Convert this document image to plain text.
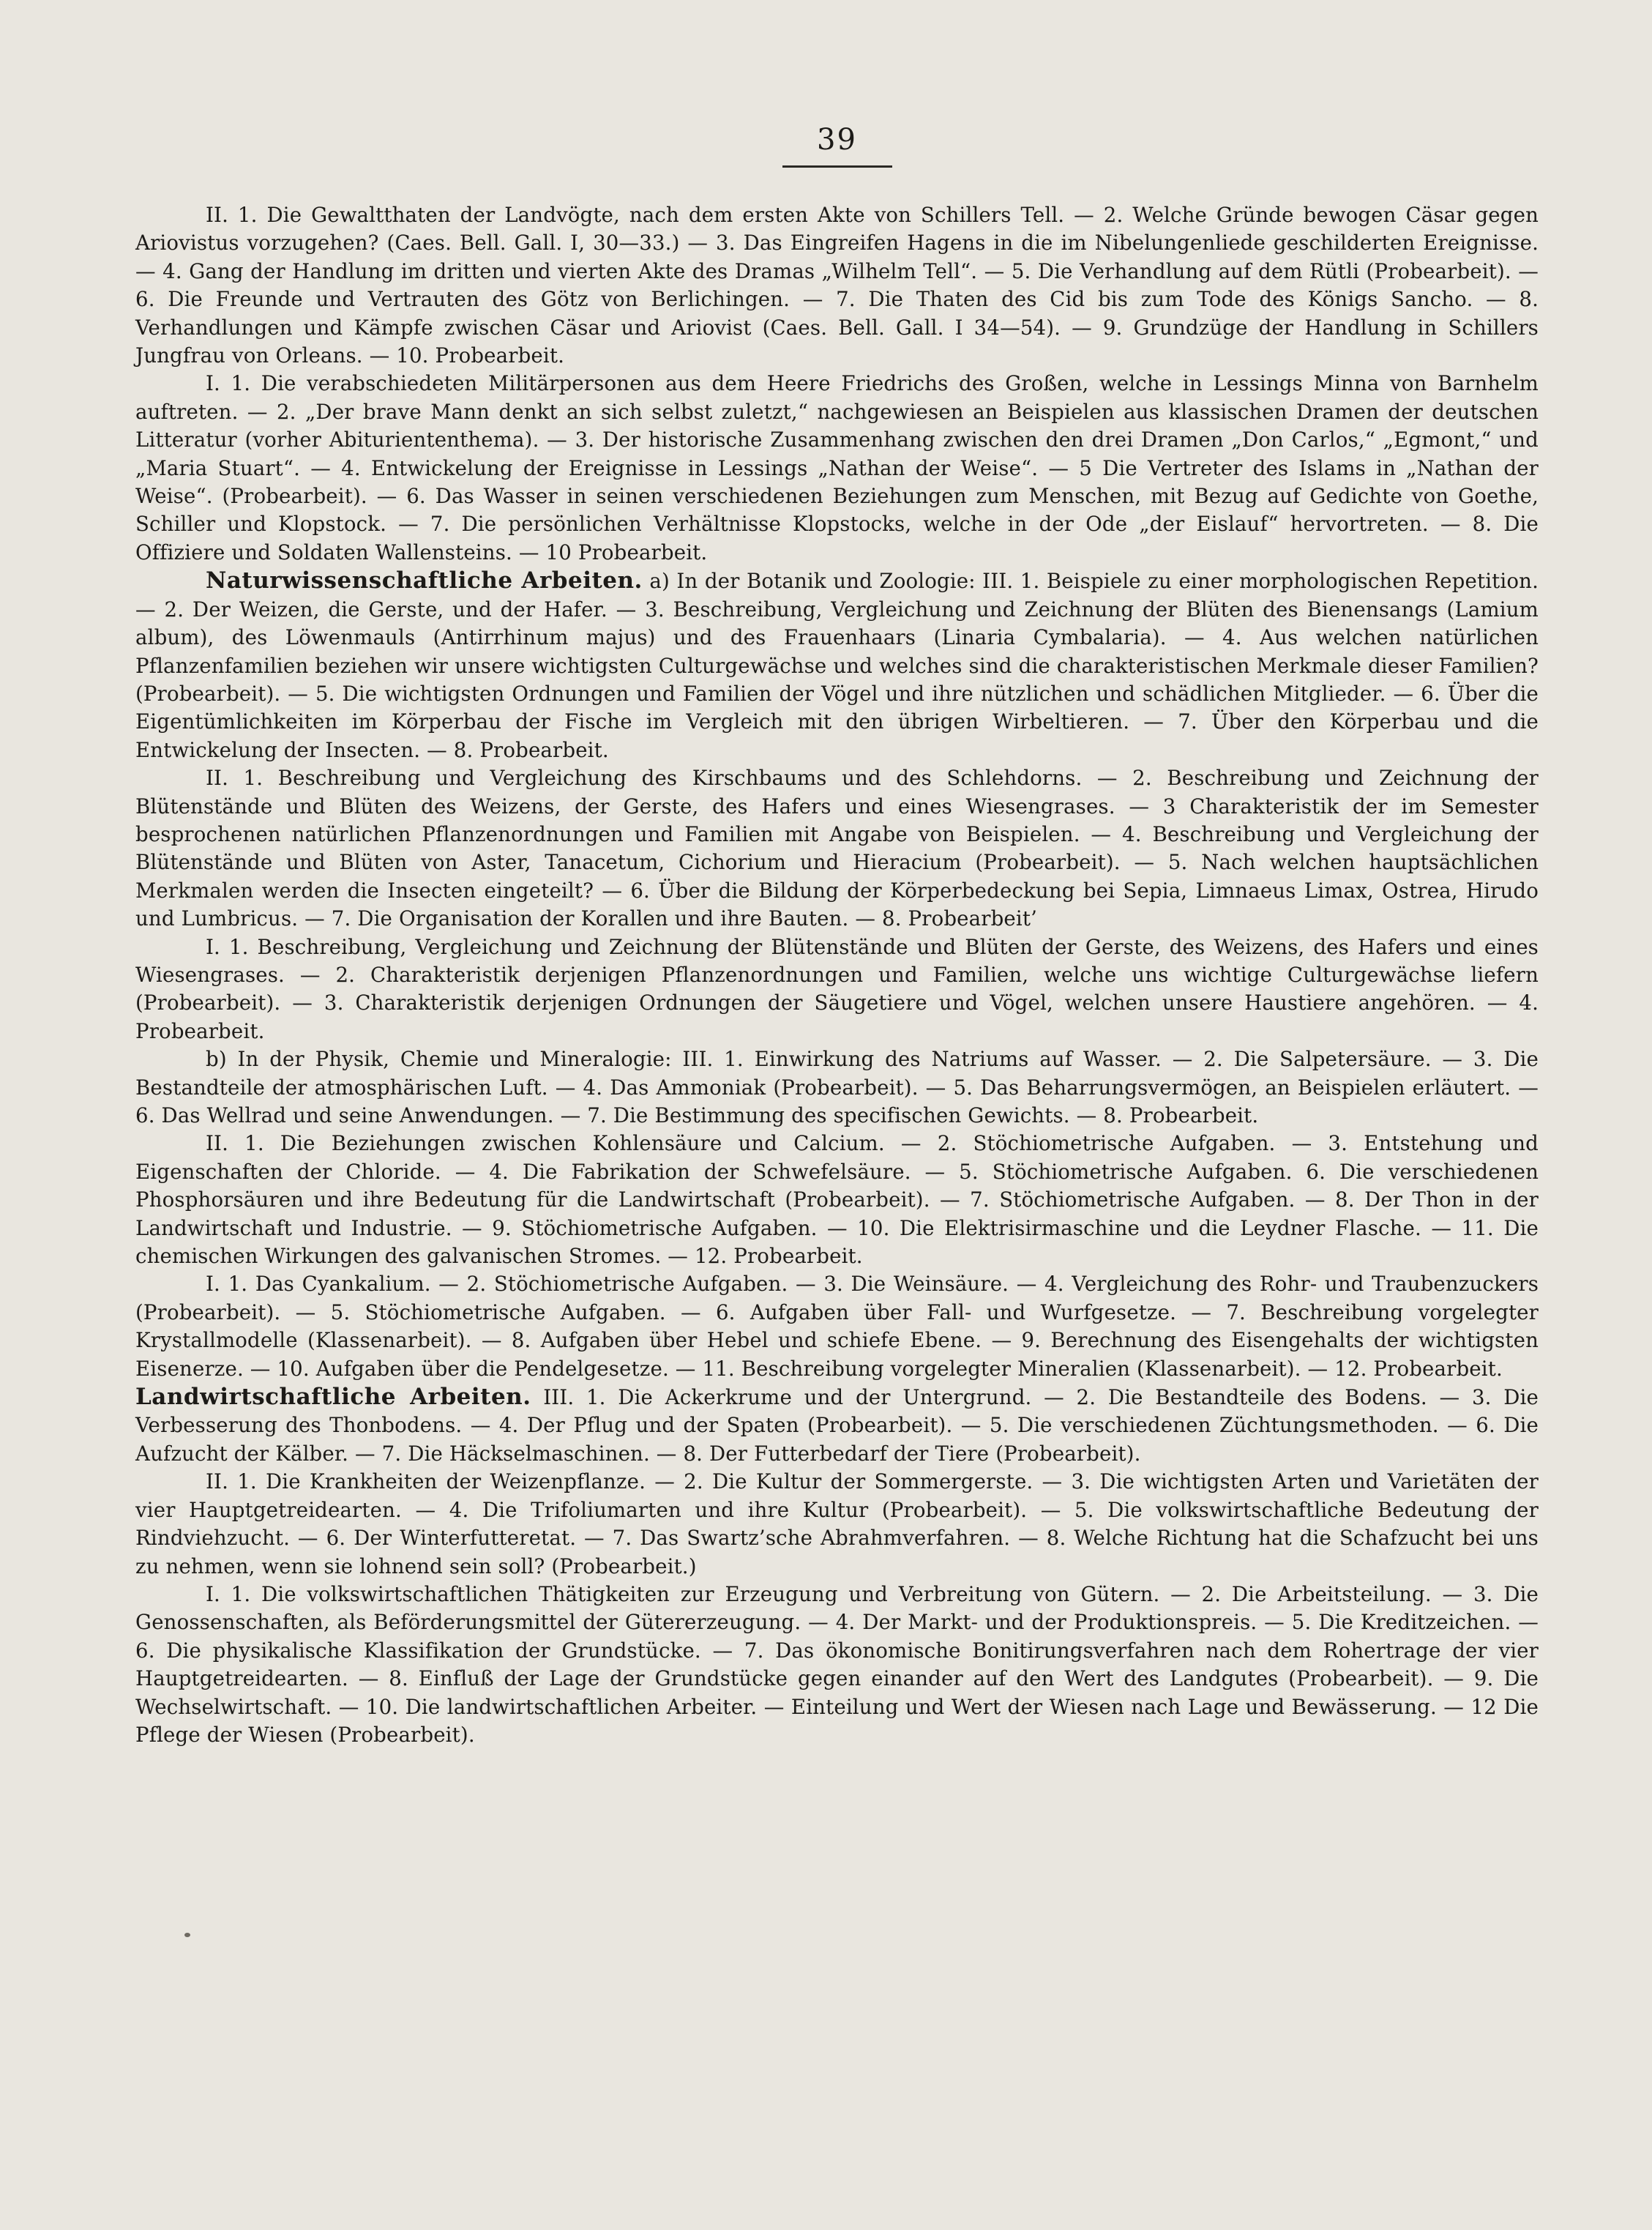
39

II. 1. Die Gewaltthaten der Landvögte, nach dem ersten Akte von Schillers Tell. — 2. Welche Gründe bewogen Cäsar gegen Ariovistus vorzugehen? (Caes. Bell. Gall. I, 30—33.) — 3. Das Eingreifen Hagens in die im Nibelungenliede geschilderten Ereignisse. — 4. Gang der Handlung im dritten und vierten Akte des Dramas „Wilhelm Tell“. — 5. Die Verhandlung auf dem Rütli (Probearbeit). — 6. Die Freunde und Vertrauten des Götz von Berlichingen. — 7. Die Thaten des Cid bis zum Tode des Königs Sancho. — 8. Verhandlungen und Kämpfe zwischen Cäsar und Ariovist (Caes. Bell. Gall. I 34—54). — 9. Grundzüge der Handlung in Schillers Jungfrau von Orleans. — 10. Probearbeit.

I. 1. Die verabschiedeten Militärpersonen aus dem Heere Friedrichs des Großen, welche in Lessings Minna von Barnhelm auftreten. — 2. „Der brave Mann denkt an sich selbst zuletzt,“ nachgewiesen an Beispielen aus klassischen Dramen der deutschen Litteratur (vorher Abituriententhema). — 3. Der historische Zusammenhang zwischen den drei Dramen „Don Carlos,“ „Egmont,“ und „Maria Stuart“. — 4. Entwickelung der Ereignisse in Lessings „Nathan der Weise“. — 5 Die Vertreter des Islams in „Nathan der Weise“. (Probearbeit). — 6. Das Wasser in seinen verschiedenen Beziehungen zum Menschen, mit Bezug auf Gedichte von Goethe, Schiller und Klopstock. — 7. Die persönlichen Verhältnisse Klopstocks, welche in der Ode „der Eislauf“ hervortreten. — 8. Die Offiziere und Soldaten Wallensteins. — 10 Probearbeit.

Naturwissenschaftliche Arbeiten. a) In der Botanik und Zoologie: III. 1. Beispiele zu einer morphologischen Repetition. — 2. Der Weizen, die Gerste, und der Hafer. — 3. Beschreibung, Vergleichung und Zeichnung der Blüten des Bienensangs (Lamium album), des Löwenmauls (Antirrhinum majus) und des Frauenhaars (Linaria Cymbalaria). — 4. Aus welchen natürlichen Pflanzenfamilien beziehen wir unsere wichtigsten Culturgewächse und welches sind die charakteristischen Merkmale dieser Familien? (Probearbeit). — 5. Die wichtigsten Ordnungen und Familien der Vögel und ihre nützlichen und schädlichen Mitglieder. — 6. Über die Eigentümlichkeiten im Körperbau der Fische im Vergleich mit den übrigen Wirbeltieren. — 7. Über den Körperbau und die Entwickelung der Insecten. — 8. Probearbeit.

II. 1. Beschreibung und Vergleichung des Kirschbaums und des Schlehdorns. — 2. Beschreibung und Zeichnung der Blütenstände und Blüten des Weizens, der Gerste, des Hafers und eines Wiesengrases. — 3 Charakteristik der im Semester besprochenen natürlichen Pflanzenordnungen und Familien mit Angabe von Beispielen. — 4. Beschreibung und Vergleichung der Blütenstände und Blüten von Aster, Tanacetum, Cichorium und Hieracium (Probearbeit). — 5. Nach welchen hauptsächlichen Merkmalen werden die Insecten eingeteilt? — 6. Über die Bildung der Körperbedeckung bei Sepia, Limnaeus Limax, Ostrea, Hirudo und Lumbricus. — 7. Die Organisation der Korallen und ihre Bauten. — 8. Probearbeit’

I. 1. Beschreibung, Vergleichung und Zeichnung der Blütenstände und Blüten der Gerste, des Weizens, des Hafers und eines Wiesengrases. — 2. Charakteristik derjenigen Pflanzenordnungen und Familien, welche uns wichtige Culturgewächse liefern (Probearbeit). — 3. Charakteristik derjenigen Ordnungen der Säugetiere und Vögel, welchen unsere Haustiere angehören. — 4. Probearbeit.

b) In der Physik, Chemie und Mineralogie: III. 1. Einwirkung des Natriums auf Wasser. — 2. Die Salpetersäure. — 3. Die Bestandteile der atmosphärischen Luft. — 4. Das Ammoniak (Probearbeit). — 5. Das Beharrungsvermögen, an Beispielen erläutert. — 6. Das Wellrad und seine Anwendungen. — 7. Die Bestimmung des specifischen Gewichts. — 8. Probearbeit.

II. 1. Die Beziehungen zwischen Kohlensäure und Calcium. — 2. Stöchiometrische Aufgaben. — 3. Entstehung und Eigenschaften der Chloride. — 4. Die Fabrikation der Schwefelsäure. — 5. Stöchiometrische Aufgaben. 6. Die verschiedenen Phosphorsäuren und ihre Bedeutung für die Landwirtschaft (Probearbeit). — 7. Stöchiometrische Aufgaben. — 8. Der Thon in der Landwirtschaft und Industrie. — 9. Stöchiometrische Aufgaben. — 10. Die Elektrisirmaschine und die Leydner Flasche. — 11. Die chemischen Wirkungen des galvanischen Stromes. — 12. Probearbeit.

I. 1. Das Cyankalium. — 2. Stöchiometrische Aufgaben. — 3. Die Weinsäure. — 4. Vergleichung des Rohr- und Traubenzuckers (Probearbeit). — 5. Stöchiometrische Aufgaben. — 6. Aufgaben über Fall- und Wurfgesetze. — 7. Beschreibung vorgelegter Krystallmodelle (Klassenarbeit). — 8. Aufgaben über Hebel und schiefe Ebene. — 9. Berechnung des Eisengehalts der wichtigsten Eisenerze. — 10. Aufgaben über die Pendelgesetze. — 11. Beschreibung vorgelegter Mineralien (Klassenarbeit). — 12. Probearbeit.

Landwirtschaftliche Arbeiten. III. 1. Die Ackerkrume und der Untergrund. — 2. Die Bestandteile des Bodens. — 3. Die Verbesserung des Thonbodens. — 4. Der Pflug und der Spaten (Probearbeit). — 5. Die verschiedenen Züchtungsmethoden. — 6. Die Aufzucht der Kälber. — 7. Die Häckselmaschinen. — 8. Der Futterbedarf der Tiere (Probearbeit).

II. 1. Die Krankheiten der Weizenpflanze. — 2. Die Kultur der Sommergerste. — 3. Die wichtigsten Arten und Varietäten der vier Hauptgetreidearten. — 4. Die Trifoliumarten und ihre Kultur (Probearbeit). — 5. Die volkswirtschaftliche Bedeutung der Rindviehzucht. — 6. Der Winterfutteretat. — 7. Das Swartz’sche Abrahmverfahren. — 8. Welche Richtung hat die Schafzucht bei uns zu nehmen, wenn sie lohnend sein soll? (Probearbeit.)

I. 1. Die volkswirtschaftlichen Thätigkeiten zur Erzeugung und Verbreitung von Gütern. — 2. Die Arbeitsteilung. — 3. Die Genossenschaften, als Beförderungsmittel der Gütererzeugung. — 4. Der Markt- und der Produktionspreis. — 5. Die Kreditzeichen. — 6. Die physikalische Klassifikation der Grundstücke. — 7. Das ökonomische Bonitirungsverfahren nach dem Rohertrage der vier Hauptgetreidearten. — 8. Einfluß der Lage der Grundstücke gegen einander auf den Wert des Landgutes (Probearbeit). — 9. Die Wechselwirtschaft. — 10. Die landwirtschaftlichen Arbeiter. — Einteilung und Wert der Wiesen nach Lage und Bewässerung. — 12 Die Pflege der Wiesen (Probearbeit).
